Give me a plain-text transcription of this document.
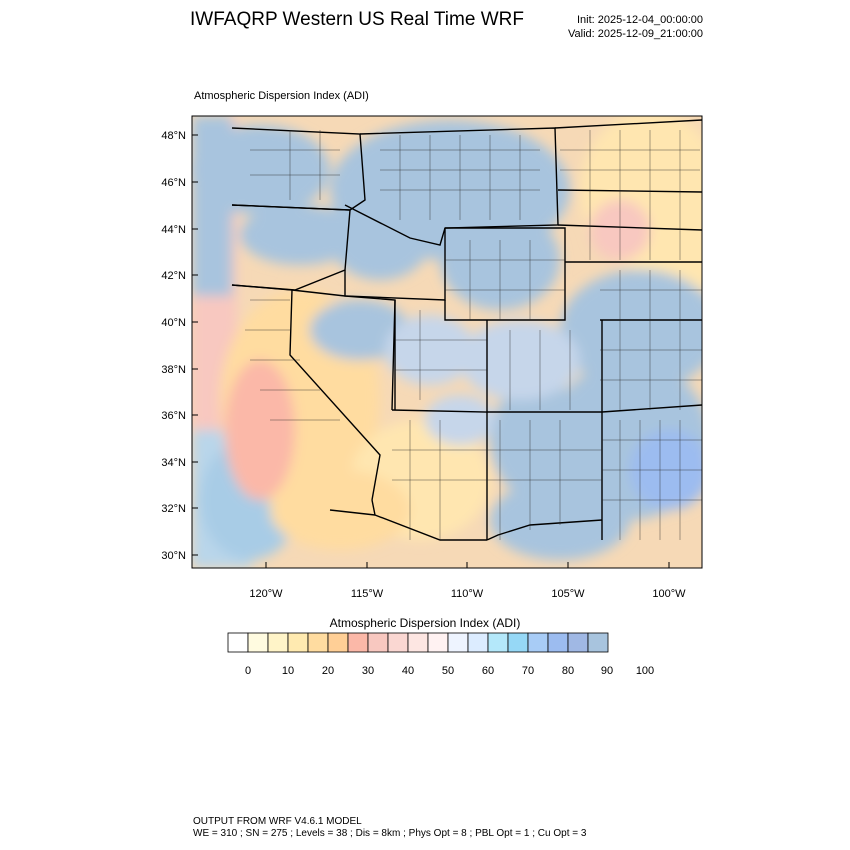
IWFAQRP Western US Real Time WRF	Init: 2025-12-04_00:00:00
Valid: 2025-12-09_21:00:00
Atmospheric Dispersion Index (ADI)
48°N
46°N
44°N
42°N
40°N
38°N
36°N
34°N
32°N
30°N
120°W	115°W	110°W	105°W	100°W
0	10	20	30	40	50	60	70	80 90 100
Atmospheric Dispersion Index (ADI)
OUTPUT FROM WRF V4.6.1 MODEL
WE = 310 ; SN = 275 ; Levels = 38 ; Dis = 8km ; Phys Opt = 8 ; PBL Opt = 1 ; Cu Opt = 3
